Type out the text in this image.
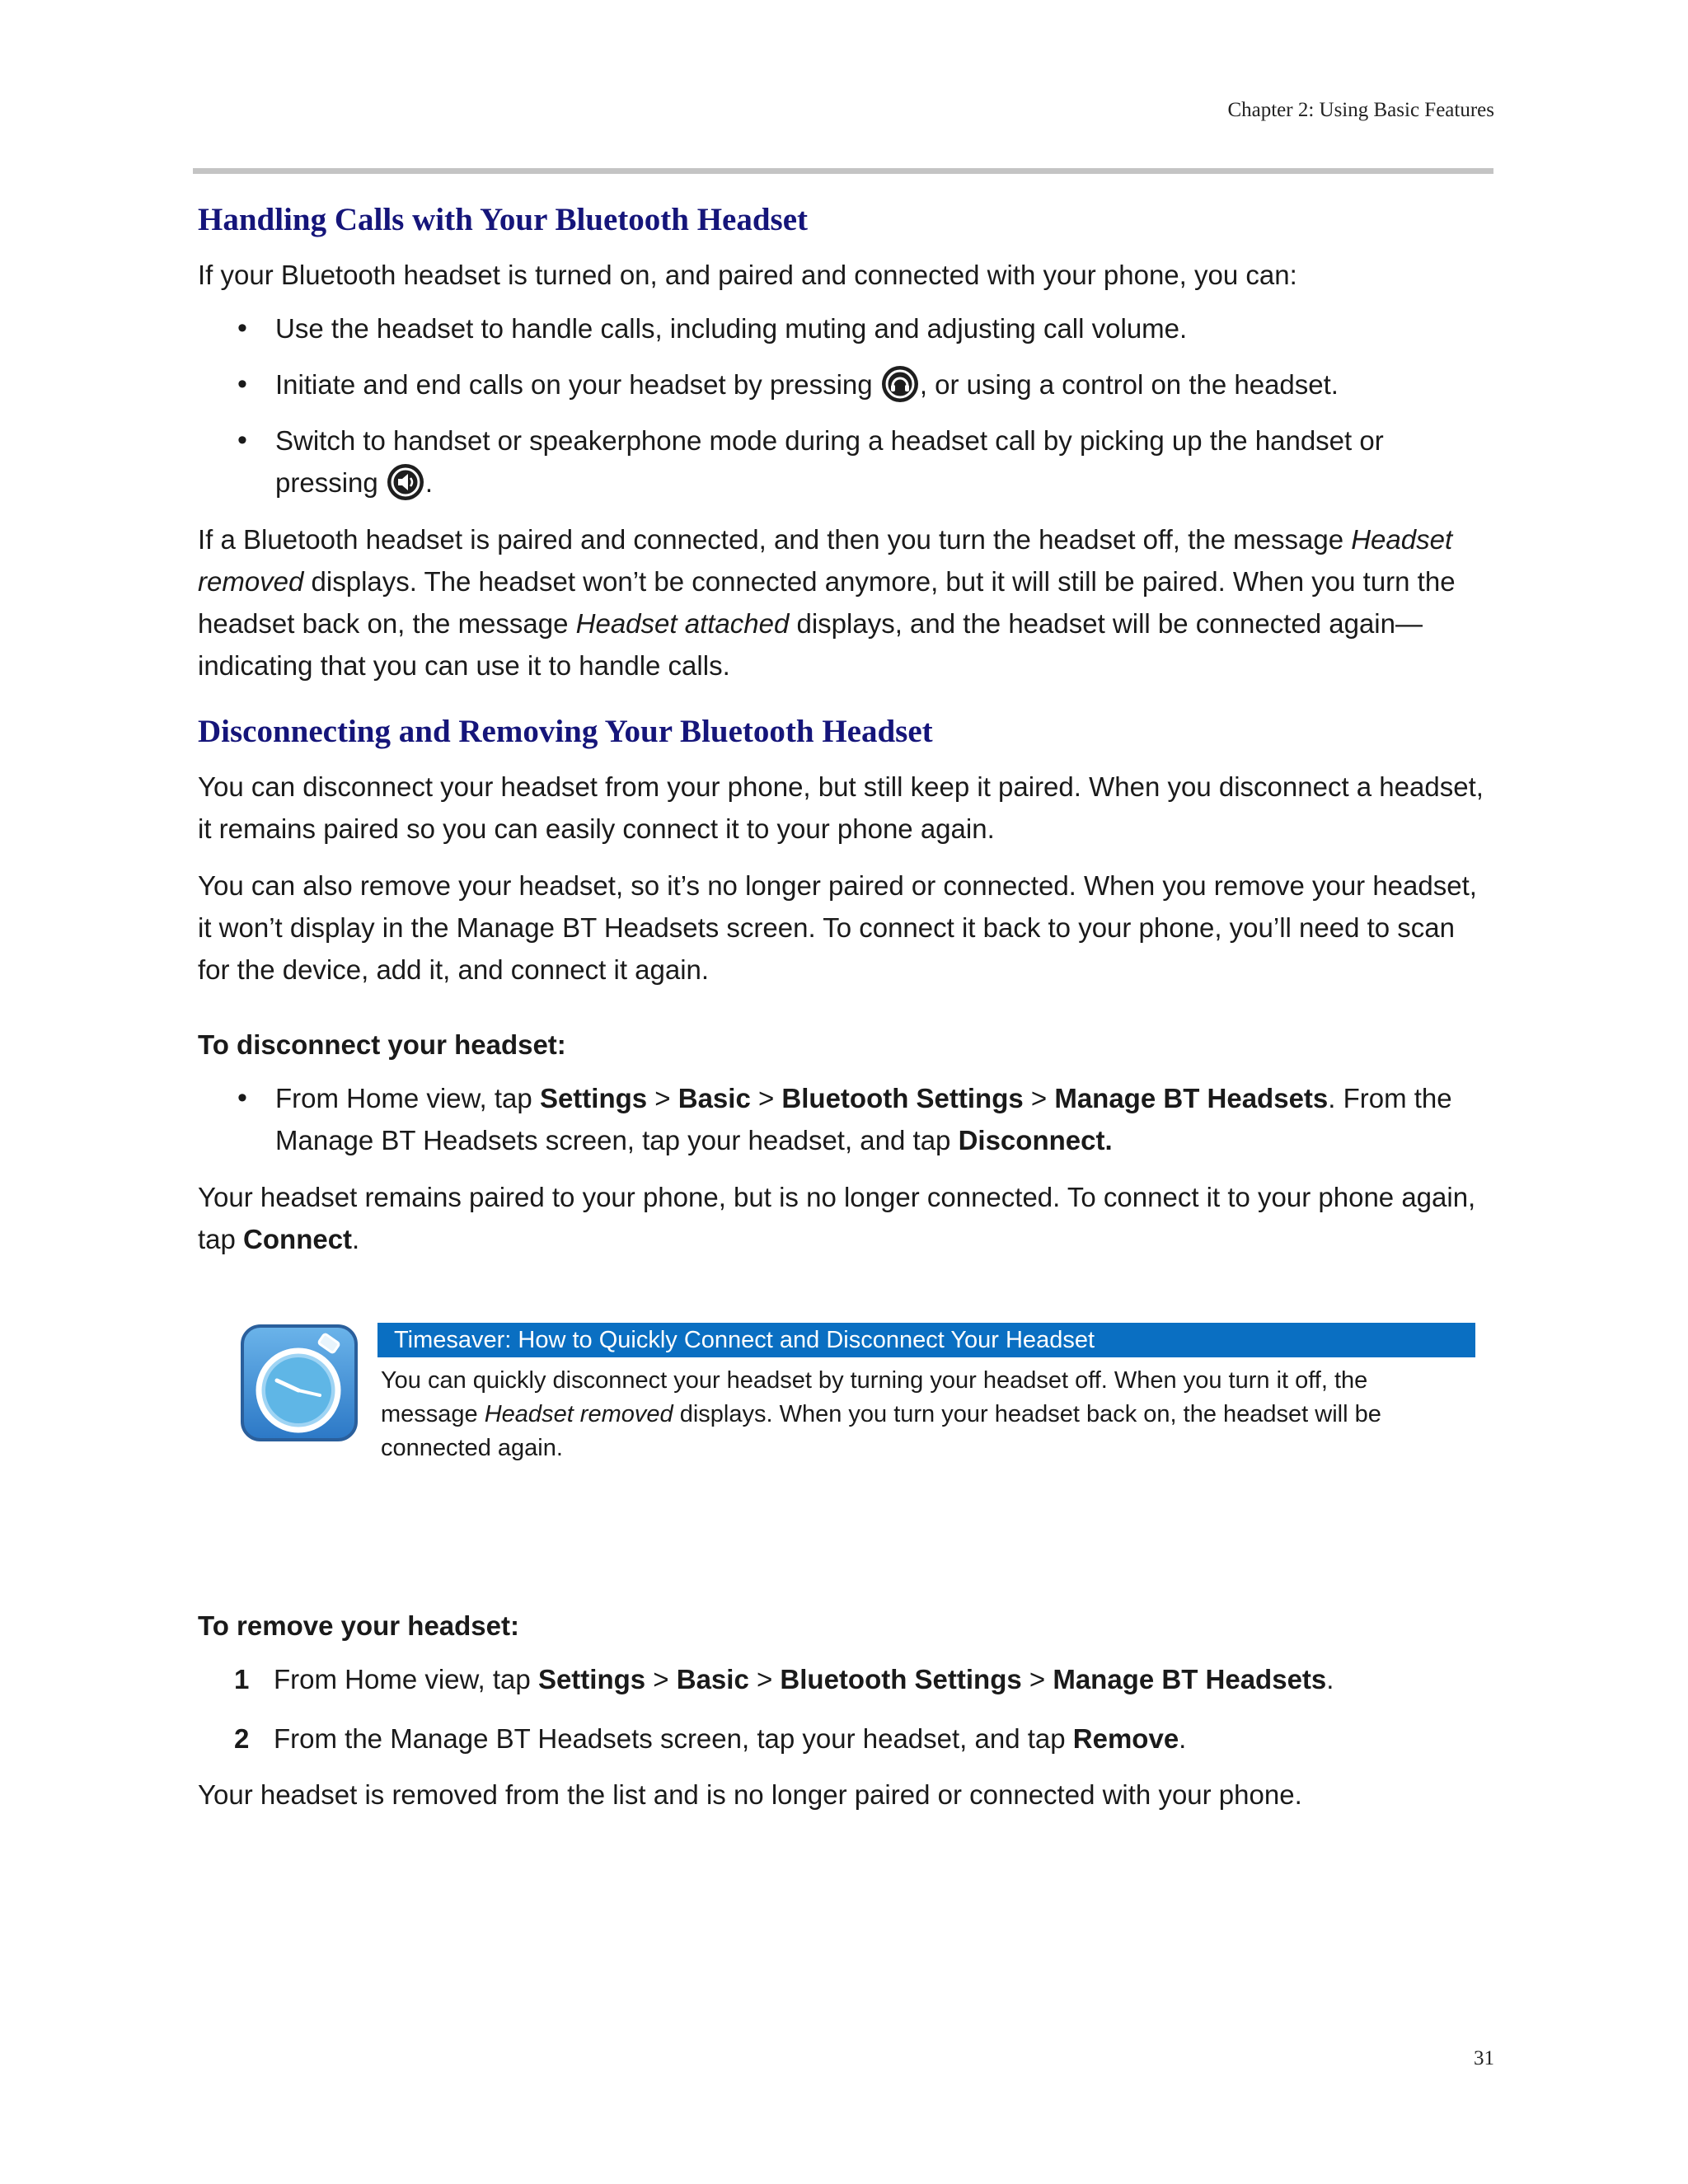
Chapter 2: Using Basic Features
Handling Calls with Your Bluetooth Headset

If your Bluetooth headset is turned on, and paired and connected with your phone, you can:

• Use the headset to handle calls, including muting and adjusting call volume.
• Initiate and end calls on your headset by pressing
, or using a control on the headset.
• Switch to handset or speakerphone mode during a headset call by picking up the handset or pressing
.

If a Bluetooth headset is paired and connected, and then you turn the headset off, the message Headset removed displays. The headset won’t be connected anymore, but it will still be paired. When you turn the headset back on, the message Headset attached displays, and the headset will be connected again—indicating that you can use it to handle calls.

Disconnecting and Removing Your Bluetooth Headset

You can disconnect your headset from your phone, but still keep it paired. When you disconnect a headset, it remains paired so you can easily connect it to your phone again.

You can also remove your headset, so it’s no longer paired or connected. When you remove your headset, it won’t display in the Manage BT Headsets screen. To connect it back to your phone, you’ll need to scan for the device, add it, and connect it again.

To disconnect your headset:
• From Home view, tap Settings > Basic > Bluetooth Settings > Manage BT Headsets. From the Manage BT Headsets screen, tap your headset, and tap Disconnect.

Your headset remains paired to your phone, but is no longer connected. To connect it to your phone again, tap Connect.

Timesaver: How to Quickly Connect and Disconnect Your Headset
You can quickly disconnect your headset by turning your headset off. When you turn it off, the message Headset removed displays. When you turn your headset back on, the headset will be connected again.
To remove your headset:
1 From Home view, tap Settings > Basic > Bluetooth Settings > Manage BT Headsets.
2 From the Manage BT Headsets screen, tap your headset, and tap Remove.

Your headset is removed from the list and is no longer paired or connected with your phone.

31
